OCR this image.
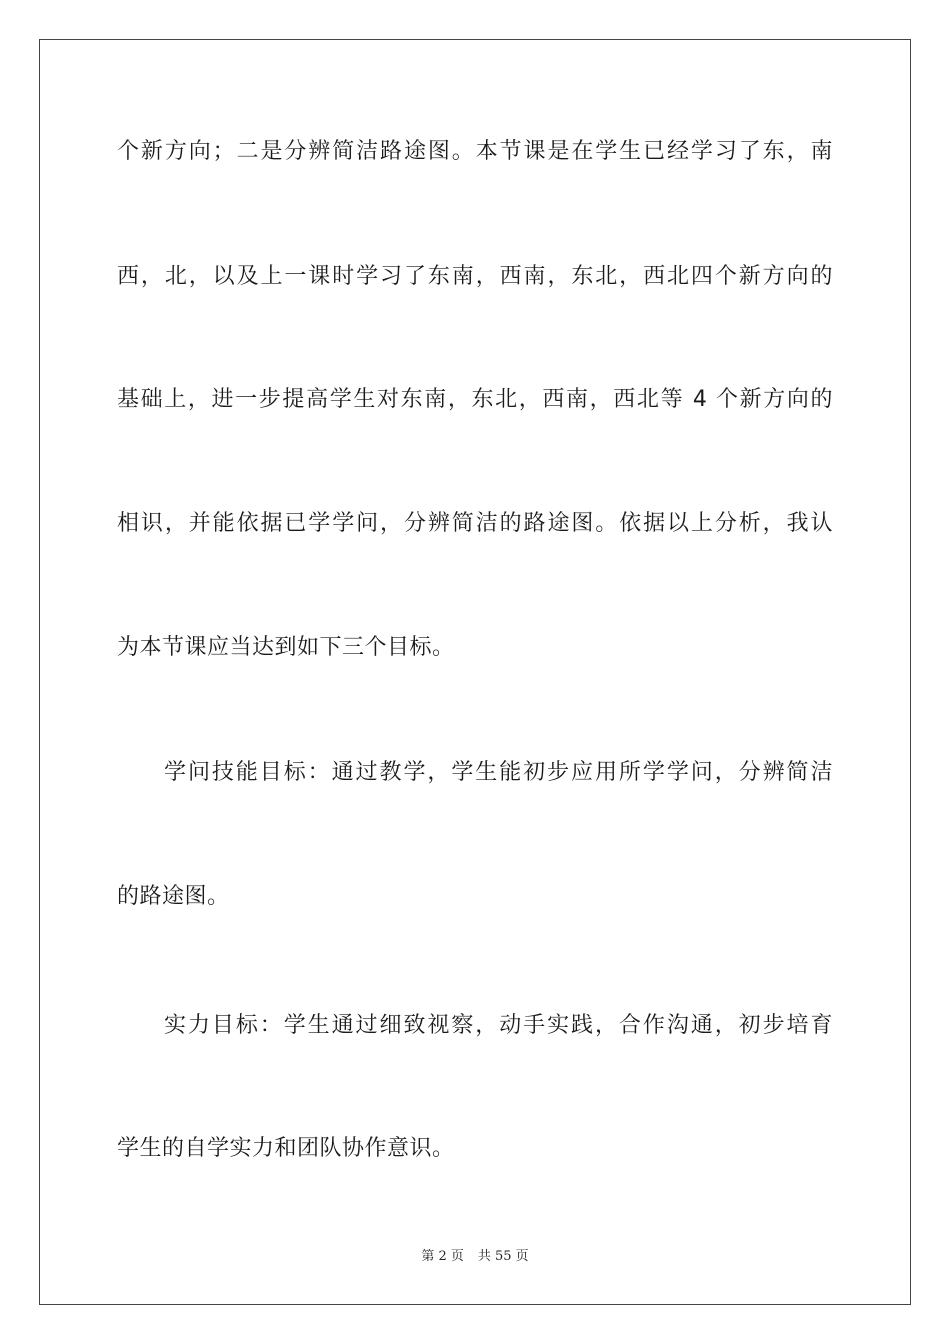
个新方向；二是分辨简洁路途图。本节课是在学生已经学习了东，南
西，北，以及上一课时学习了东南，西南，东北，西北四个新方向的
基础上，进一步提高学生对东南，东北，西南，西北等 4 个新方向的
相识，并能依据已学学问，分辨简洁的路途图。依据以上分析，我认
为本节课应当达到如下三个目标。
学问技能目标：通过教学，学生能初步应用所学学问，分辨简洁
的路途图。
实力目标：学生通过细致视察，动手实践，合作沟通，初步培育
学生的自学实力和团队协作意识。
第 2 页 共 55 页
